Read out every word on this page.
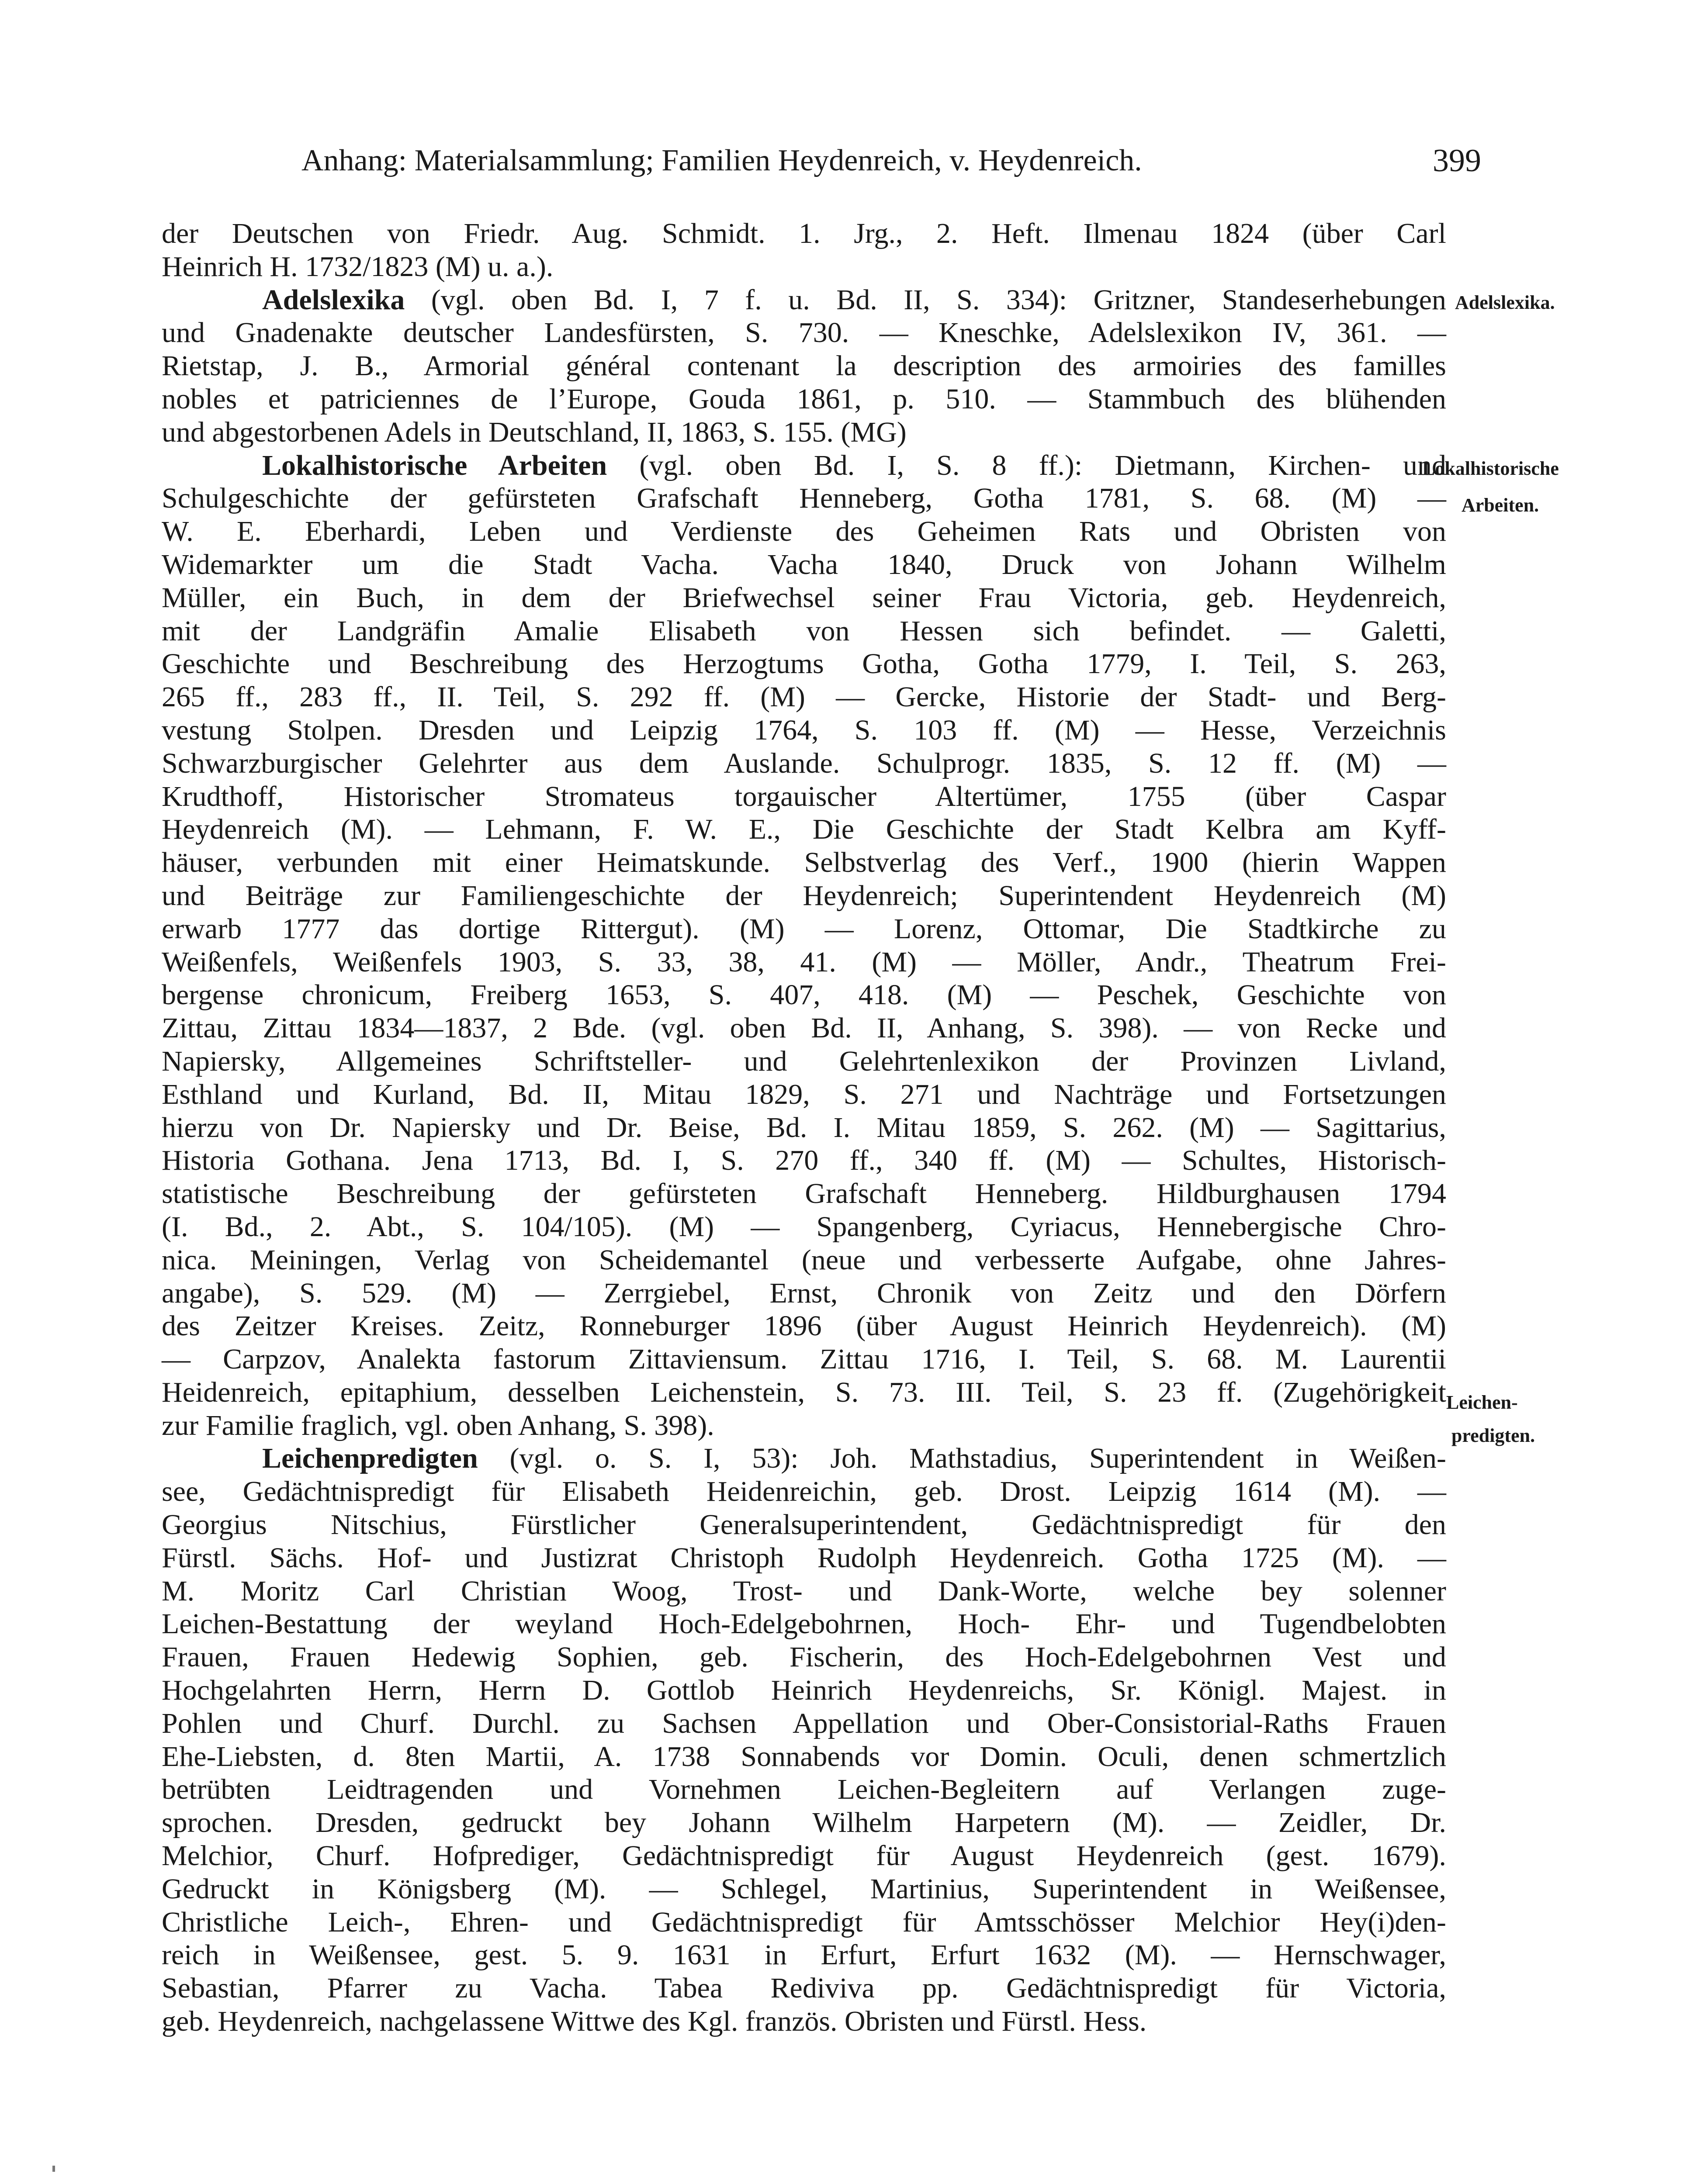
Anhang: Materialsammlung; Familien Heydenreich, v. Heydenreich.	399
der Deutschen von Friedr. Aug. Schmidt. 1. Jrg., 2. Heft. Ilmenau 1824 (über Carl
Heinrich H. 1732/1823 (M) u. a.).
Adelslexika (vgl. oben Bd. I, 7 f. u. Bd. II, S. 334): Gritzner, Standeserhebungen
und Gnadenakte deutscher Landesfürsten, S. 730. — Kneschke, Adelslexikon IV, 361. —
Rietstap, J. B., Armorial général contenant la description des armoiries des familles
nobles et patriciennes de l’Europe, Gouda 1861, p. 510. — Stammbuch des blühenden
und abgestorbenen Adels in Deutschland, II, 1863, S. 155. (MG)
Lokalhistorische Arbeiten (vgl. oben Bd. I, S. 8 ff.): Dietmann, Kirchen- und
Schulgeschichte der gefürsteten Grafschaft Henneberg, Gotha 1781, S. 68. (M) —
W. E. Eberhardi, Leben und Verdienste des Geheimen Rats und Obristen von
Widemarkter um die Stadt Vacha. Vacha 1840, Druck von Johann Wilhelm
Müller, ein Buch, in dem der Briefwechsel seiner Frau Victoria, geb. Heydenreich,
mit der Landgräfin Amalie Elisabeth von Hessen sich befindet. — Galetti,
Geschichte und Beschreibung des Herzogtums Gotha, Gotha 1779, I. Teil, S. 263,
265 ff., 283 ff., II. Teil, S. 292 ff. (M) — Gercke, Historie der Stadt- und Berg-
vestung Stolpen. Dresden und Leipzig 1764, S. 103 ff. (M) — Hesse, Verzeichnis
Schwarzburgischer Gelehrter aus dem Auslande. Schulprogr. 1835, S. 12 ff. (M) —
Krudthoff, Historischer Stromateus torgauischer Altertümer, 1755 (über Caspar
Heydenreich (M). — Lehmann, F. W. E., Die Geschichte der Stadt Kelbra am Kyff-
häuser, verbunden mit einer Heimatskunde. Selbstverlag des Verf., 1900 (hierin Wappen
und Beiträge zur Familiengeschichte der Heydenreich; Superintendent Heydenreich (M)
erwarb 1777 das dortige Rittergut). (M) — Lorenz, Ottomar, Die Stadtkirche zu
Weißenfels, Weißenfels 1903, S. 33, 38, 41. (M) — Möller, Andr., Theatrum Frei-
bergense chronicum, Freiberg 1653, S. 407, 418. (M) — Peschek, Geschichte von
Zittau, Zittau 1834—1837, 2 Bde. (vgl. oben Bd. II, Anhang, S. 398). — von Recke und
Napiersky, Allgemeines Schriftsteller- und Gelehrtenlexikon der Provinzen Livland,
Esthland und Kurland, Bd. II, Mitau 1829, S. 271 und Nachträge und Fortsetzungen
hierzu von Dr. Napiersky und Dr. Beise, Bd. I. Mitau 1859, S. 262. (M) — Sagittarius,
Historia Gothana. Jena 1713, Bd. I, S. 270 ff., 340 ff. (M) — Schultes, Historisch-
statistische Beschreibung der gefürsteten Grafschaft Henneberg. Hildburghausen 1794
(I. Bd., 2. Abt., S. 104/105). (M) — Spangenberg, Cyriacus, Hennebergische Chro-
nica. Meiningen, Verlag von Scheidemantel (neue und verbesserte Aufgabe, ohne Jahres-
angabe), S. 529. (M) — Zerrgiebel, Ernst, Chronik von Zeitz und den Dörfern
des Zeitzer Kreises. Zeitz, Ronneburger 1896 (über August Heinrich Heydenreich). (M)
— Carpzov, Analekta fastorum Zittaviensum. Zittau 1716, I. Teil, S. 68. M. Laurentii
Heidenreich, epitaphium, desselben Leichenstein, S. 73. III. Teil, S. 23 ff. (Zugehörigkeit
zur Familie fraglich, vgl. oben Anhang, S. 398).
Leichenpredigten (vgl. o. S. I, 53): Joh. Mathstadius, Superintendent in Weißen-
see, Gedächtnispredigt für Elisabeth Heidenreichin, geb. Drost. Leipzig 1614 (M). —
Georgius Nitschius, Fürstlicher Generalsuperintendent, Gedächtnispredigt für den
Fürstl. Sächs. Hof- und Justizrat Christoph Rudolph Heydenreich. Gotha 1725 (M). —
M. Moritz Carl Christian Woog, Trost- und Dank-Worte, welche bey solenner
Leichen-Bestattung der weyland Hoch-Edelgebohrnen, Hoch- Ehr- und Tugendbelobten
Frauen, Frauen Hedewig Sophien, geb. Fischerin, des Hoch-Edelgebohrnen Vest und
Hochgelahrten Herrn, Herrn D. Gottlob Heinrich Heydenreichs, Sr. Königl. Majest. in
Pohlen und Churf. Durchl. zu Sachsen Appellation und Ober-Consistorial-Raths Frauen
Ehe-Liebsten, d. 8ten Martii, A. 1738 Sonnabends vor Domin. Oculi, denen schmertzlich
betrübten Leidtragenden und Vornehmen Leichen-Begleitern auf Verlangen zuge-
sprochen. Dresden, gedruckt bey Johann Wilhelm Harpetern (M). — Zeidler, Dr.
Melchior, Churf. Hofprediger, Gedächtnispredigt für August Heydenreich (gest. 1679).
Gedruckt in Königsberg (M). — Schlegel, Martinius, Superintendent in Weißensee,
Christliche Leich-, Ehren- und Gedächtnispredigt für Amtsschösser Melchior Hey(i)den-
reich in Weißensee, gest. 5. 9. 1631 in Erfurt, Erfurt 1632 (M). — Hernschwager,
Sebastian, Pfarrer zu Vacha. Tabea Rediviva pp. Gedächtnispredigt für Victoria,
geb. Heydenreich, nachgelassene Wittwe des Kgl. französ. Obristen und Fürstl. Hess.
Adelslexika.
Lokalhistorische
Arbeiten.
Leichen-
predigten.
